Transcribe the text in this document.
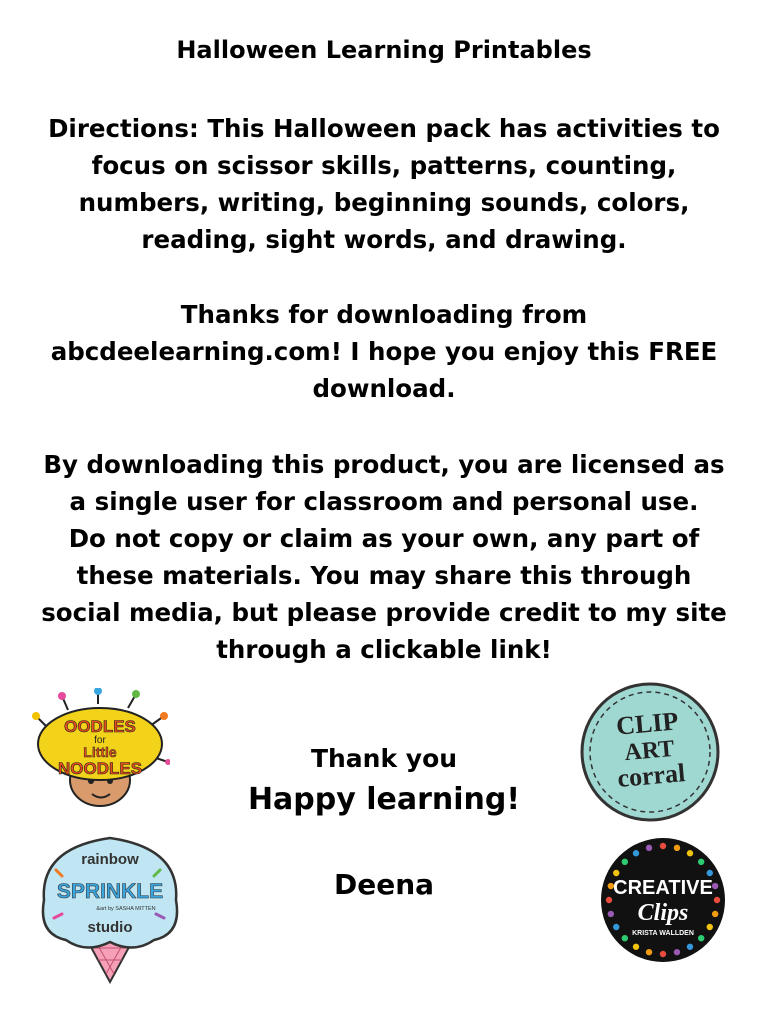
Halloween Learning Printables
Directions: This Halloween pack has activities to
focus on scissor skills, patterns, counting,
numbers, writing, beginning sounds, colors,
reading, sight words, and drawing.
Thanks for downloading from
abcdeelearning.com! I hope you enjoy this FREE
download.
By downloading this product, you are licensed as
a single user for classroom and personal use.
Do not copy or claim as your own, any part of
these materials. You may share this through
social media, but please provide credit to my site
through a clickable link!
Thank you
Happy learning!
Deena
OODLES
for
Little
NOODLES
CLIP
ART
corral
rainbow
SPRINKLE
&art by SASHA MITTEN
studio
CREATIVE
Clips
KRISTA WALLDEN
